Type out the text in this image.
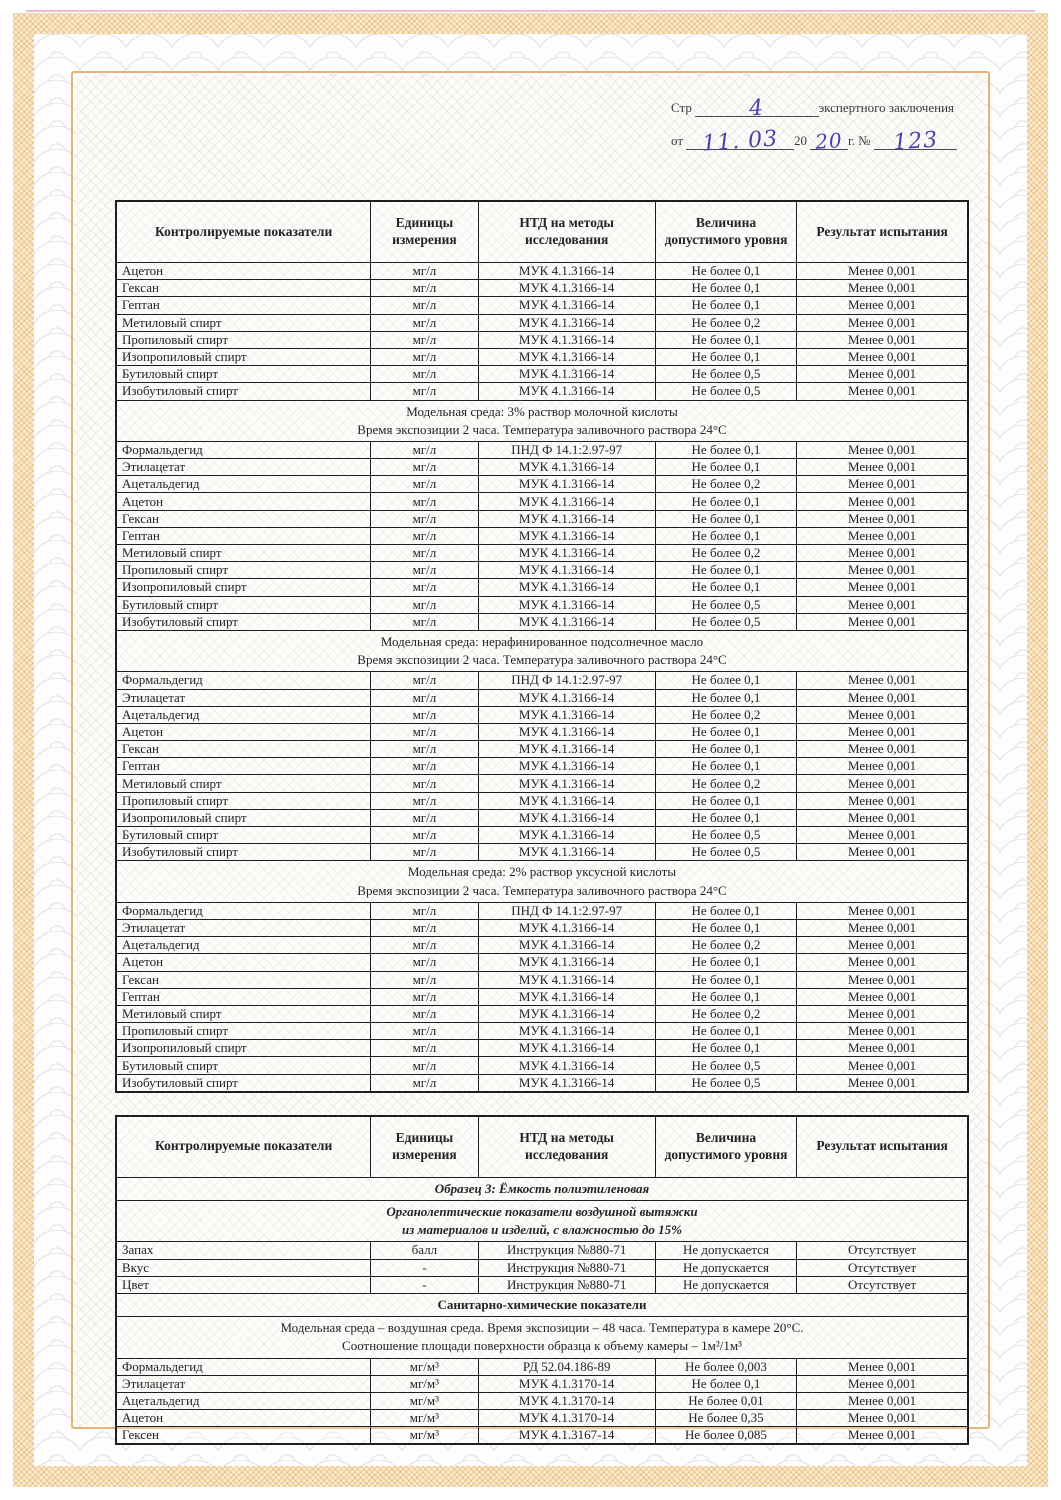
Стр	4	экспертного заключения
от 11. 03	20 20 г. № 123
Контролируемые показатели	Единицы измерения	НТД на методы исследования	Величина допустимого уровня	Результат испытания
Ацетон	мг/л	МУК 4.1.3166-14	Не более 0,1	Менее 0,001
Гексан	мг/л	МУК 4.1.3166-14	Не более 0,1	Менее 0,001
Гептан	мг/л	МУК 4.1.3166-14	Не более 0,1	Менее 0,001
Метиловый спирт	мг/л	МУК 4.1.3166-14	Не более 0,2	Менее 0,001
Пропиловый спирт	мг/л	МУК 4.1.3166-14	Не более 0,1	Менее 0,001
Изопропиловый спирт	мг/л	МУК 4.1.3166-14	Не более 0,1	Менее 0,001
Бутиловый спирт	мг/л	МУК 4.1.3166-14	Не более 0,5	Менее 0,001
Изобутиловый спирт	мг/л	МУК 4.1.3166-14	Не более 0,5	Менее 0,001

Модельная среда: 3% раствор молочной кислоты
Время экспозиции 2 часа. Температура заливочного раствора 24°С				

Формальдегид	мг/л	ПНД Ф 14.1:2.97-97	Не более 0,1	Менее 0,001
Этилацетат	мг/л	МУК 4.1.3166-14	Не более 0,1	Менее 0,001
Ацетальдегид	мг/л	МУК 4.1.3166-14	Не более 0,2	Менее 0,001
Ацетон	мг/л	МУК 4.1.3166-14	Не более 0,1	Менее 0,001
Гексан	мг/л	МУК 4.1.3166-14	Не более 0,1	Менее 0,001
Гептан	мг/л	МУК 4.1.3166-14	Не более 0,1	Менее 0,001
Метиловый спирт	мг/л	МУК 4.1.3166-14	Не более 0,2	Менее 0,001
Пропиловый спирт	мг/л	МУК 4.1.3166-14	Не более 0,1	Менее 0,001
Изопропиловый спирт	мг/л	МУК 4.1.3166-14	Не более 0,1	Менее 0,001
Бутиловый спирт	мг/л	МУК 4.1.3166-14	Не более 0,5	Менее 0,001
Изобутиловый спирт	мг/л	МУК 4.1.3166-14	Не более 0,5	Менее 0,001

Модельная среда: нерафинированное подсолнечное масло
Время экспозиции 2 часа. Температура заливочного раствора 24°С				

Формальдегид	мг/л	ПНД Ф 14.1:2.97-97	Не более 0,1	Менее 0,001
Этилацетат	мг/л	МУК 4.1.3166-14	Не более 0,1	Менее 0,001
Ацетальдегид	мг/л	МУК 4.1.3166-14	Не более 0,2	Менее 0,001
Ацетон	мг/л	МУК 4.1.3166-14	Не более 0,1	Менее 0,001
Гексан	мг/л	МУК 4.1.3166-14	Не более 0,1	Менее 0,001
Гептан	мг/л	МУК 4.1.3166-14	Не более 0,1	Менее 0,001
Метиловый спирт	мг/л	МУК 4.1.3166-14	Не более 0,2	Менее 0,001
Пропиловый спирт	мг/л	МУК 4.1.3166-14	Не более 0,1	Менее 0,001
Изопропиловый спирт	мг/л	МУК 4.1.3166-14	Не более 0,1	Менее 0,001
Бутиловый спирт	мг/л	МУК 4.1.3166-14	Не более 0,5	Менее 0,001
Изобутиловый спирт	мг/л	МУК 4.1.3166-14	Не более 0,5	Менее 0,001

Модельная среда: 2% раствор уксусной кислоты
Время экспозиции 2 часа. Температура заливочного раствора 24°С				

Формальдегид	мг/л	ПНД Ф 14.1:2.97-97	Не более 0,1	Менее 0,001
Этилацетат	мг/л	МУК 4.1.3166-14	Не более 0,1	Менее 0,001
Ацетальдегид	мг/л	МУК 4.1.3166-14	Не более 0,2	Менее 0,001
Ацетон	мг/л	МУК 4.1.3166-14	Не более 0,1	Менее 0,001
Гексан	мг/л	МУК 4.1.3166-14	Не более 0,1	Менее 0,001
Гептан	мг/л	МУК 4.1.3166-14	Не более 0,1	Менее 0,001
Метиловый спирт	мг/л	МУК 4.1.3166-14	Не более 0,2	Менее 0,001
Пропиловый спирт	мг/л	МУК 4.1.3166-14	Не более 0,1	Менее 0,001
Изопропиловый спирт	мг/л	МУК 4.1.3166-14	Не более 0,1	Менее 0,001
Бутиловый спирт	мг/л	МУК 4.1.3166-14	Не более 0,5	Менее 0,001
Изобутиловый спирт	мг/л	МУК 4.1.3166-14	Не более 0,5	Менее 0,001
Контролируемые показатели	Единицы измерения	НТД на методы исследования	Величина допустимого уровня	Результат испытания

Образец 3: Ёмкость полиэтиленовая				

Органолептические показатели воздушной вытяжки
из материалов и изделий, с влажностью до 15%				

Запах	балл	Инструкция №880-71	Не допускается	Отсутствует
Вкус	-	Инструкция №880-71	Не допускается	Отсутствует
Цвет	-	Инструкция №880-71	Не допускается	Отсутствует

Санитарно-химические показатели				

Модельная среда – воздушная среда. Время экспозиции – 48 часа. Температура в камере 20°С.
Соотношение площади поверхности образца к объему камеры – 1м²/1м³				

Формальдегид	мг/м³	РД 52.04.186-89	Не более 0,003	Менее 0,001
Этилацетат	мг/м³	МУК 4.1.3170-14	Не более 0,1	Менее 0,001
Ацетальдегид	мг/м³	МУК 4.1.3170-14	Не более 0,01	Менее 0,001
Ацетон	мг/м³	МУК 4.1.3170-14	Не более 0,35	Менее 0,001
Гексен	мг/м³	МУК 4.1.3167-14	Не более 0,085	Менее 0,001
